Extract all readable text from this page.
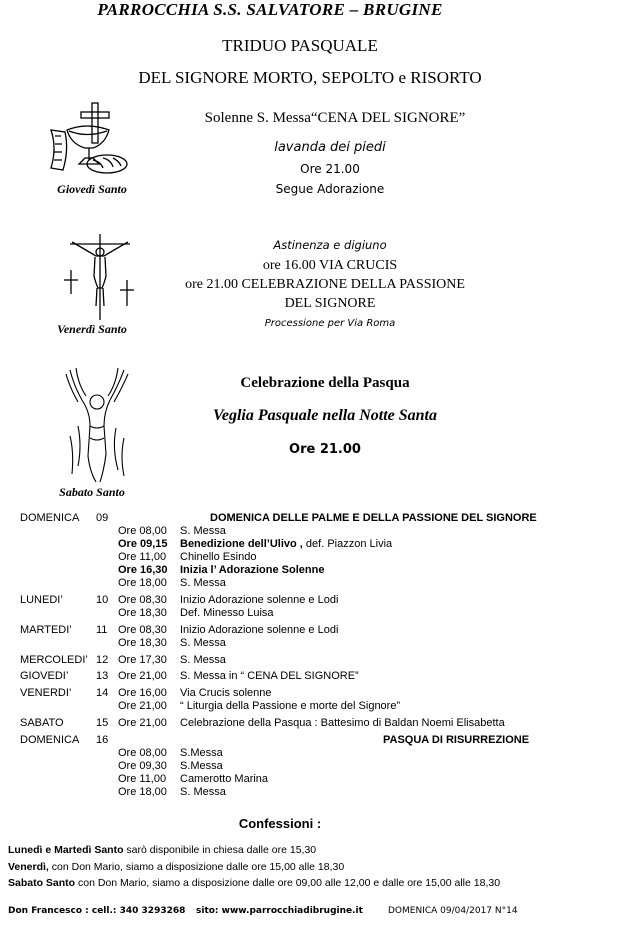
PARROCCHIA S.S. SALVATORE – BRUGINE
TRIDUO PASQUALE
DEL SIGNORE MORTO, SEPOLTO e RISORTO
Giovedì Santo
Solenne S. Messa“CENA DEL SIGNORE”
lavanda dei piedi
Ore 21.00
Segue Adorazione
Venerdì Santo
Astinenza e digiuno
ore 16.00 VIA CRUCIS
ore 21.00 CELEBRAZIONE DELLA PASSIONE
DEL SIGNORE
Processione per Via Roma
Sabato Santo
Celebrazione della Pasqua
Veglia Pasquale nella Notte Santa
Ore 21.00
DOMENICA 09	DOMENICA DELLE PALME E DELLA PASSIONE DEL SIGNORE
Ore 08,00 S. Messa
Ore 09,15 Benedizione dell’Ulivo , def. Piazzon Livia
Ore 11,00 Chinello Esindo
Ore 16,30 Inizia l’ Adorazione Solenne
Ore 18,00 S. Messa
LUNEDI’	10 Ore 08,30 Inizio Adorazione solenne e Lodi
Ore 18,30 Def. Minesso Luisa
MARTEDI’ 11 Ore 08,30 Inizio Adorazione solenne e Lodi
Ore 18,30 S. Messa
MERCOLEDI’ 12 Ore 17,30 S. Messa
GIOVEDI’	13 Ore 21,00 S. Messa in “ CENA DEL SIGNORE”
VENERDI’ 14 Ore 16,00 Via Crucis solenne
Ore 21,00 “ Liturgia della Passione e morte del Signore”
SABATO	15 Ore 21,00 Celebrazione della Pasqua : Battesimo di Baldan Noemi Elisabetta
DOMENICA 16	PASQUA DI RISURREZIONE
Ore 08,00 S.Messa
Ore 09,30 S.Messa
Ore 11,00 Camerotto Marina
Ore 18,00 S. Messa
Confessioni :
Lunedì e Martedì Santo sarò disponibile in chiesa dalle ore 15,30
Venerdì, con Don Mario, siamo a disposizione dalle ore 15,00 alle 18,30
Sabato Santo con Don Mario, siamo a disposizione dalle ore 09,00 alle 12,00 e dalle ore 15,00 alle 18,30
Don Francesco : cell.: 340 3293268 sito: www.parrocchiadibrugine.it	DOMENICA 09/04/2017 N°14
